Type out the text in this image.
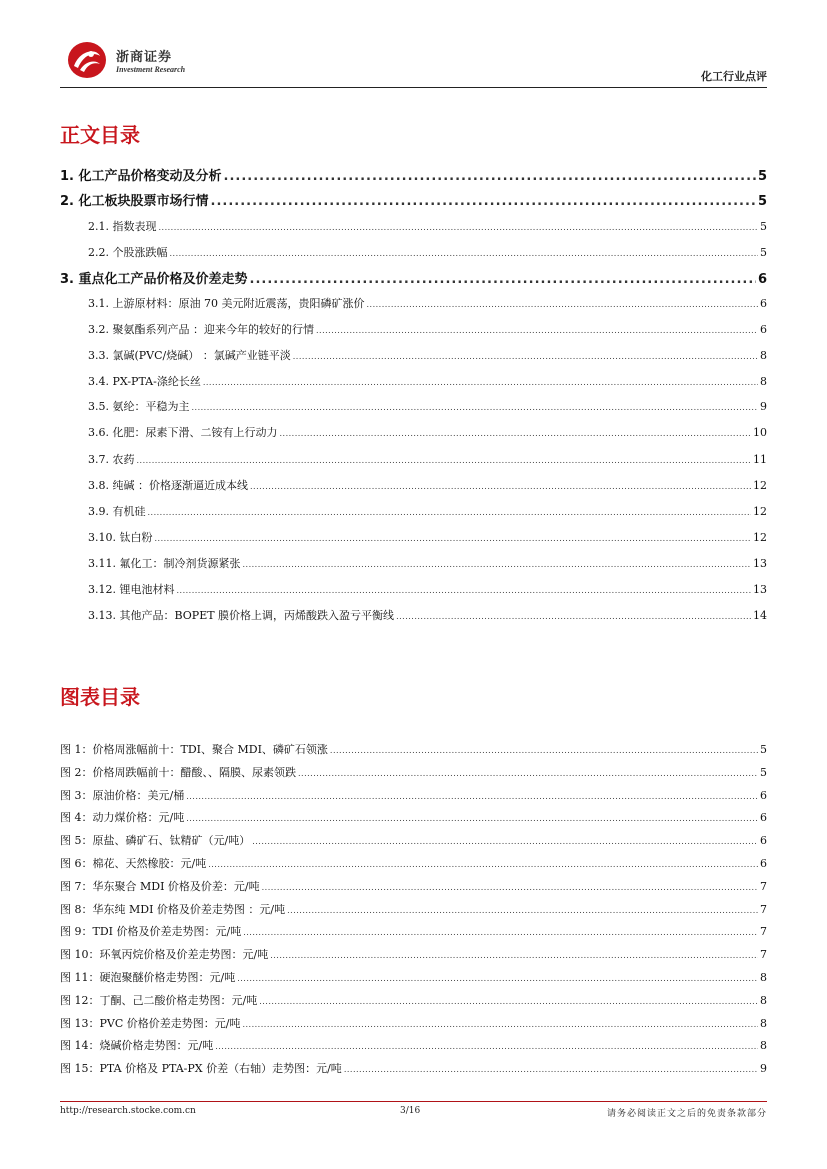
浙商证券
Investment Research
化工行业点评
正文目录
1. 化工产品价格变动及分析 .....	5
2. 化工板块股票市场行情 .....	5
2.1. 指数表现 .....	5
2.2. 个股涨跌幅 .....	5
3. 重点化工产品价格及价差走势 .....	6
3.1. 上游原材料：原油 70 美元附近震荡，贵阳磷矿涨价 .....	6
3.2. 聚氨酯系列产品 ：迎来今年的较好的行情 .....	6
3.3. 氯碱(PVC/烧碱） ：氯碱产业链平淡 .....	8
3.4. PX-PTA-涤纶长丝 .....	8
3.5. 氨纶：平稳为主 .....	9
3.6. 化肥：尿素下滑、二铵有上行动力 .....	10
3.7. 农药 .....	11
3.8. 纯碱 ：价格逐渐逼近成本线 .....	12
3.9. 有机硅 .....	12
3.10. 钛白粉 .....	12
3.11. 氟化工：制冷剂货源紧张 .....	13
3.12. 锂电池材料 .....	13
3.13. 其他产品：BOPET 膜价格上调，丙烯酸跌入盈亏平衡线 .....	14
图表目录
图 1：价格周涨幅前十：TDI、聚合 MDI、磷矿石领涨 .....	5
图 2：价格周跌幅前十：醋酸、、隔膜、尿素领跌 .....	5
图 3：原油价格：美元/桶 .....	6
图 4：动力煤价格：元/吨 .....	6
图 5：原盐、磷矿石、钛精矿（元/吨） .....	6
图 6：棉花、天然橡胶：元/吨 .....	6
图 7：华东聚合 MDI 价格及价差：元/吨 .....	7
图 8：华东纯 MDI 价格及价差走势图 ：元/吨 .....	7
图 9：TDI 价格及价差走势图：元/吨 .....	7
图 10：环氧丙烷价格及价差走势图：元/吨 .....	7
图 11：硬泡聚醚价格走势图：元/吨 .....	8
图 12：丁酮、己二酸价格走势图：元/吨 .....	8
图 13：PVC 价格价差走势图：元/吨 .....	8
图 14：烧碱价格走势图：元/吨 .....	8
图 15：PTA 价格及 PTA-PX 价差（右轴）走势图：元/吨 .....	9
http://research.stocke.com.cn	3/16	请务必阅读正文之后的免责条款部分
